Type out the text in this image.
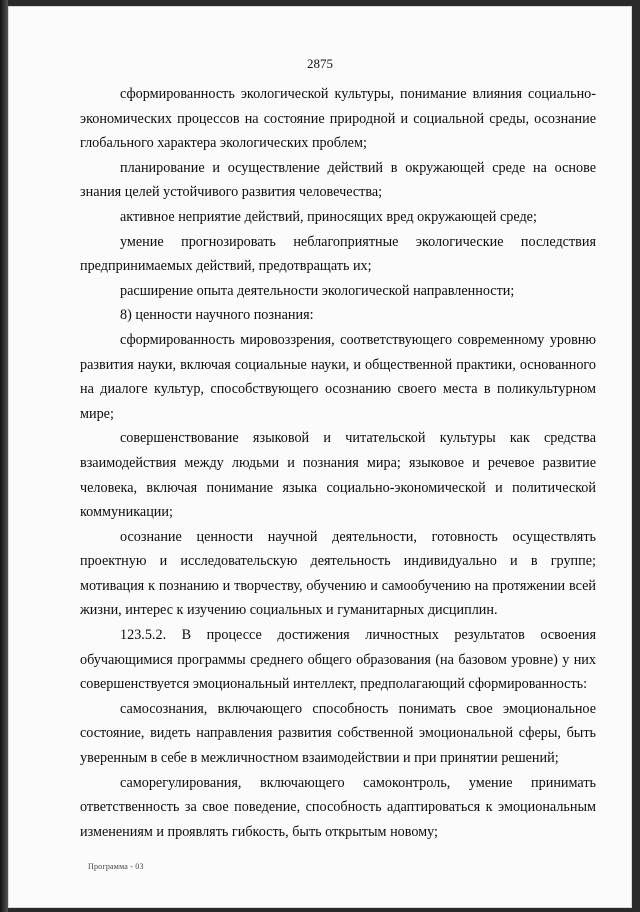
2875

сформированность экологической культуры, понимание влияния социально-экономических процессов на состояние природной и социальной среды, осознание глобального характера экологических проблем;

планирование и осуществление действий в окружающей среде на основе знания целей устойчивого развития человечества;

активное неприятие действий, приносящих вред окружающей среде;

умение прогнозировать неблагоприятные экологические последствия предпринимаемых действий, предотвращать их;

расширение опыта деятельности экологической направленности;

8) ценности научного познания:

сформированность мировоззрения, соответствующего современному уровню развития науки, включая социальные науки, и общественной практики, основанного на диалоге культур, способствующего осознанию своего места в поликультурном мире;

совершенствование языковой и читательской культуры как средства взаимодействия между людьми и познания мира; языковое и речевое развитие человека, включая понимание языка социально-экономической и политической коммуникации;

осознание ценности научной деятельности, готовность осуществлять проектную и исследовательскую деятельность индивидуально и в группе; мотивация к познанию и творчеству, обучению и самообучению на протяжении всей жизни, интерес к изучению социальных и гуманитарных дисциплин.

123.5.2. В процессе достижения личностных результатов освоения обучающимися программы среднего общего образования (на базовом уровне) у них совершенствуется эмоциональный интеллект, предполагающий сформированность:

самосознания, включающего способность понимать свое эмоциональное состояние, видеть направления развития собственной эмоциональной сферы, быть уверенным в себе в межличностном взаимодействии и при принятии решений;

саморегулирования, включающего самоконтроль, умение принимать ответственность за свое поведение, способность адаптироваться к эмоциональным изменениям и проявлять гибкость, быть открытым новому;

Программа - 03
